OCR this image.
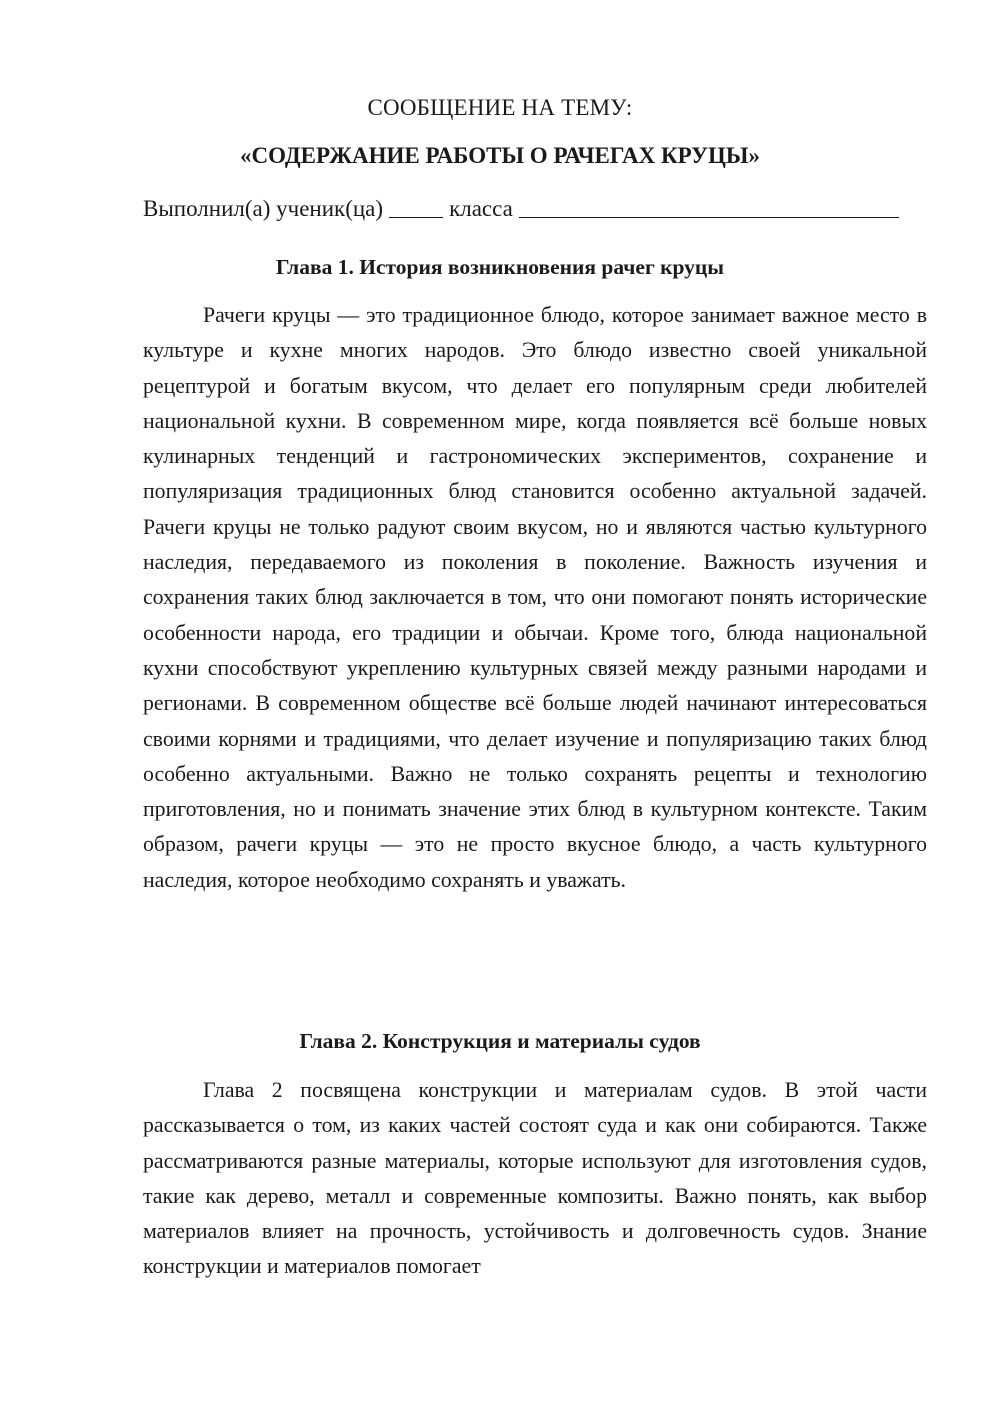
СООБЩЕНИЕ НА ТЕМУ:
«СОДЕРЖАНИЕ РАБОТЫ О РАЧЕГАХ КРУЦЫ»
Выполнил(а) ученик(ца)	класса
Глава 1. История возникновения рачег круцы

Рачеги круцы — это традиционное блюдо, которое занимает важное место в культуре и кухне многих народов. Это блюдо известно своей уникальной рецептурой и богатым вкусом, что делает его популярным среди любителей национальной кухни. В современном мире, когда появляется всё больше новых кулинарных тенденций и гастрономических экспериментов, сохранение и популяризация традиционных блюд становится особенно актуальной задачей. Рачеги круцы не только радуют своим вкусом, но и являются частью культурного наследия, передаваемого из поколения в поколение. Важность изучения и сохранения таких блюд заключается в том, что они помогают понять исторические особенности народа, его традиции и обычаи. Кроме того, блюда национальной кухни способствуют укреплению культурных связей между разными народами и регионами. В современном обществе всё больше людей начинают интересоваться своими корнями и традициями, что делает изучение и популяризацию таких блюд особенно актуальными. Важно не только сохранять рецепты и технологию приготовления, но и понимать значение этих блюд в культурном контексте. Таким образом, рачеги круцы — это не просто вкусное блюдо, а часть культурного наследия, которое необходимо сохранять и уважать.

Глава 2. Конструкция и материалы судов

Глава 2 посвящена конструкции и материалам судов. В этой части рассказывается о том, из каких частей состоят суда и как они собираются. Также рассматриваются разные материалы, которые используют для изготовления судов, такие как дерево, металл и современные композиты. Важно понять, как выбор материалов влияет на прочность, устойчивость и долговечность судов. Знание конструкции и материалов помогает
